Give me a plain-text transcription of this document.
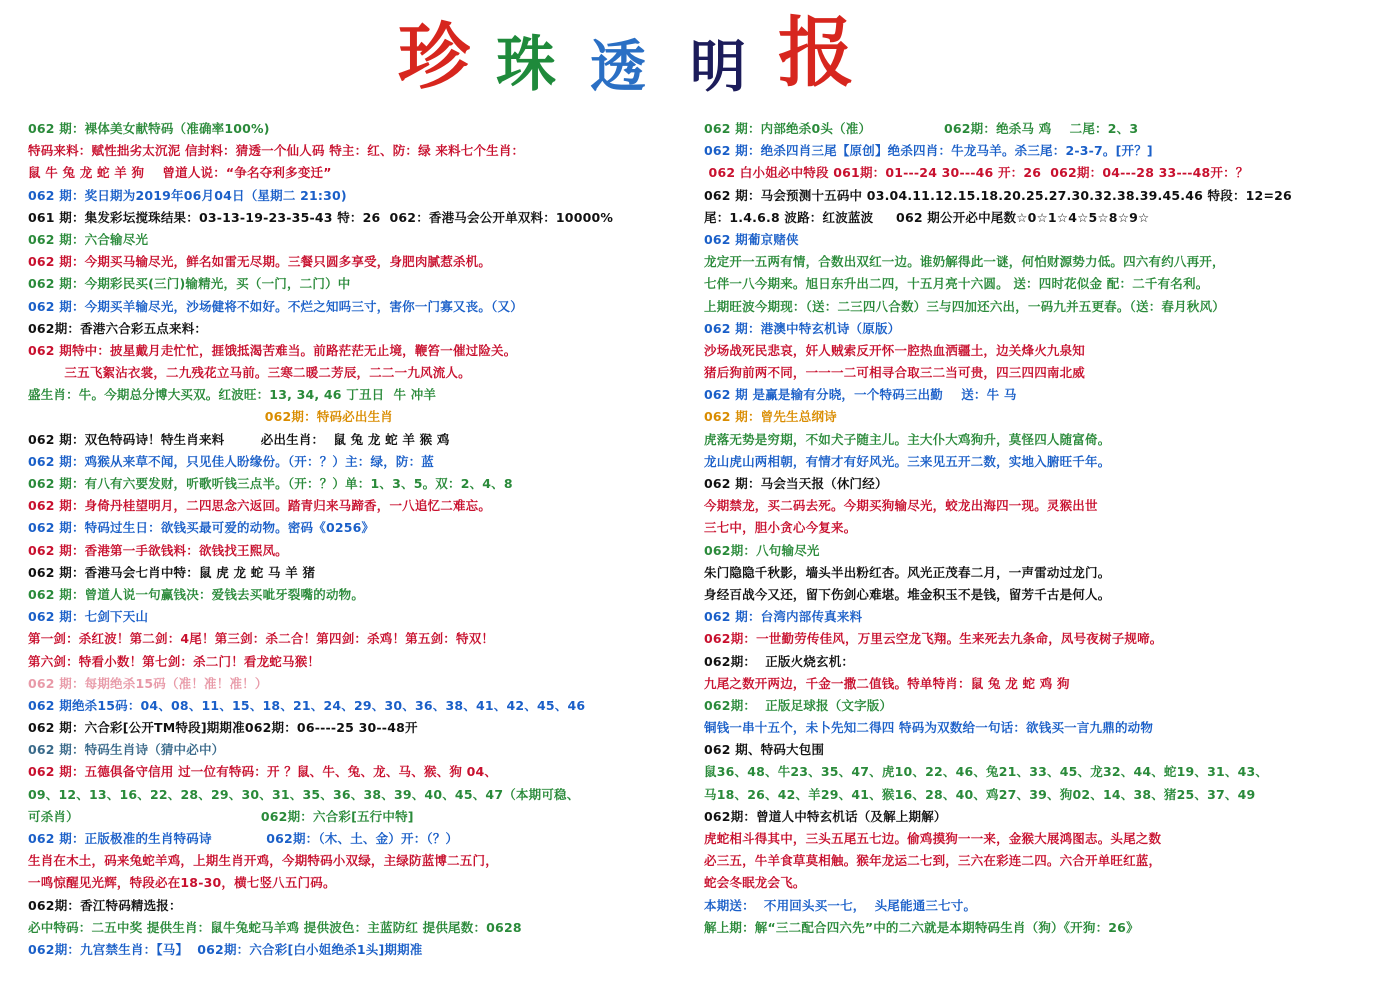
珍 珠 透 明 报
062 期：裸体美女献特码（准确率100%)
特码来料：赋性拙劣太沉泥 信封料：猜透一个仙人码 特主：红、防：绿 来料七个生肖：
鼠 牛 兔 龙 蛇 羊 狗    曾道人说：“争名夺利多变迁”
062 期：奖日期为2019年06月04日（星期二 21:30)
061 期：集发彩坛搅珠结果：03-13-19-23-35-43 特：26  062：香港马会公开单双料：10000%
062 期：六合输尽光
062 期：今期买马输尽光，鲜名如雷无尽期。三餐只圆多享受，身肥肉腻惹杀机。
062 期：今期彩民买(三门)输精光，买（一门，二门）中
062 期：今期买羊输尽光，沙场健将不如好。不烂之知吗三寸，害你一门寡又丧。（又）
062期：香港六合彩五点来料：
062 期特中：披星戴月走忙忙，捱饿抵渴苦难当。前路茫茫无止境，鞭笞一催过险关。
三五飞絮沾衣裳，二九残花立马前。三寒二暖二芳辰，二二一九风流人。
盛生肖：牛。今期总分博大买双。红波旺：13, 34, 46 丁丑日  牛 冲羊
062期：特码必出生肖
062 期：双色特码诗！特生肖来料        必出生肖：  鼠 兔 龙 蛇 羊 猴 鸡
062 期：鸡猴从来草不闻，只见佳人盼缘份。（开：？）主：绿，防：蓝
062 期：有八有六要发财，听歌听钱三点半。（开：？）单：1、3、5。双：2、4、8
062 期：身倚丹桂望明月，二四思念六返回。踏青归来马蹄香，一八追忆二难忘。
062 期：特码过生日：欲钱买最可爱的动物。密码《0256》
062 期：香港第一手欲钱料：欲钱找王熙凤。
062 期：香港马会七肖中特：鼠 虎 龙 蛇 马 羊 猪
062 期：曾道人说一句赢钱决：爱钱去买呲牙裂嘴的动物。
062 期：七剑下天山
第一剑：杀红波！第二剑：4尾！第三剑：杀二合！第四剑：杀鸡！第五剑：特双！
第六剑：特看小数！第七剑：杀二门！看龙蛇马猴！
062 期：每期绝杀15码（准！准！准！）
062 期绝杀15码：04、08、11、15、18、21、24、29、30、36、38、41、42、45、46
062 期：六合彩[公开TM特段]期期准062期：06----25 30--48开
062 期：特码生肖诗（猜中必中）
062 期：五德俱备守信用 过一位有特码：开 ？鼠、牛、兔、龙、马、猴、狗 04、
09、12、13、16、22、28、29、30、31、35、36、38、39、40、45、47（本期可稳、
可杀肖）                                        062期：六合彩[五行中特]
062 期：正版极准的生肖特码诗            062期：（木、土、金）开：（？）
生肖在木土，码来兔蛇羊鸡，上期生肖开鸡，今期特码小双绿，主绿防蓝博二五门，
一鸣惊醒见光辉，特段必在18-30，横七竖八五门码。
062期：香江特码精选报：
必中特码：二五中奖 提供生肖：鼠牛兔蛇马羊鸡 提供波色：主蓝防红 提供尾数：0628
062期：九宫禁生肖：【马】  062期：六合彩[白小姐绝杀1头]期期准
062 期：内部绝杀0头（准）                062期：绝杀马 鸡    二尾：2、3
062 期：绝杀四肖三尾【原创】绝杀四肖：牛龙马羊。杀三尾：2-3-7。[开？]
062 白小姐必中特段 061期：01---24 30---46 开：26  062期：04---28 33---48开：？
062 期：马会预测十五码中 03.04.11.12.15.18.20.25.27.30.32.38.39.45.46 特段：12=26
尾：1.4.6.8 波路：红波蓝波     062 期公开必中尾数☆0☆1☆4☆5☆8☆9☆
062 期葡京赌侠
龙定开一五两有情，合数出双红一边。谁奶解得此一谜，何怕财源势力低。四六有约八再开，
七伴一八今期来。旭日东升出二四，十五月亮十六圆。 送：四时花似金 配：二千有名利。
上期旺波今期现：（送：二三四八合数）三与四加还六出，一码九并五更春。（送：春月秋风）
062 期：港澳中特玄机诗（原版）
沙场战死民悲哀，奸人贼索反开怀一腔热血洒疆土，边关烽火九泉知
猪后狗前两不同，一一一二可相寻合取三二当可贵，四三四四南北威
062 期 是赢是输有分晓，一个特码三出勤    送：牛 马
062 期：曾先生总纲诗
虎落无势是穷期，不如犬子随主儿。主大仆大鸡狗升，莫怪四人随富倚。
龙山虎山两相朝，有情才有好风光。三来见五开二数，实地入腑旺千年。
062 期：马会当天报（休门经）
今期禁龙，买二码去死。今期买狗输尽光，蛟龙出海四一现。灵猴出世
三七中，胆小贪心今复来。
062期：八句输尽光
朱门隐隐千秋影，墙头半出粉红杏。风光正茂春二月，一声雷动过龙门。
身经百战今又还，留下伤剑心难堪。堆金积玉不是钱，留芳千古是何人。
062 期：台湾内部传真来料
062期：一世勤劳传佳风，万里云空龙飞翔。生来死去九条命，凤号夜树子规啼。
062期：  正版火烧玄机：
九尾之数开两边，千金一撒二值钱。特单特肖：鼠 兔 龙 蛇 鸡 狗
062期：  正版足球报（文字版）
铜钱一串十五个，未卜先知二得四 特码为双数给一句话：欲钱买一言九鼎的动物
062 期、特码大包围
鼠36、48、牛23、35、47、虎10、22、46、兔21、33、45、龙32、44、蛇19、31、43、
马18、26、42、羊29、41、猴16、28、40、鸡27、39、狗02、14、38、猪25、37、49
062期：曾道人中特玄机话（及解上期解）
虎蛇相斗得其中，三头五尾五七边。偷鸡摸狗一一来，金猴大展鸿图志。头尾之数
必三五，牛羊食草莫相触。猴年龙运二七到，三六在彩连二四。六合开单旺红蓝，
蛇会冬眠龙会飞。
本期送：  不用回头买一七，  头尾能通三七寸。
解上期：解“三二配合四六先”中的二六就是本期特码生肖（狗）《开狗：26》
